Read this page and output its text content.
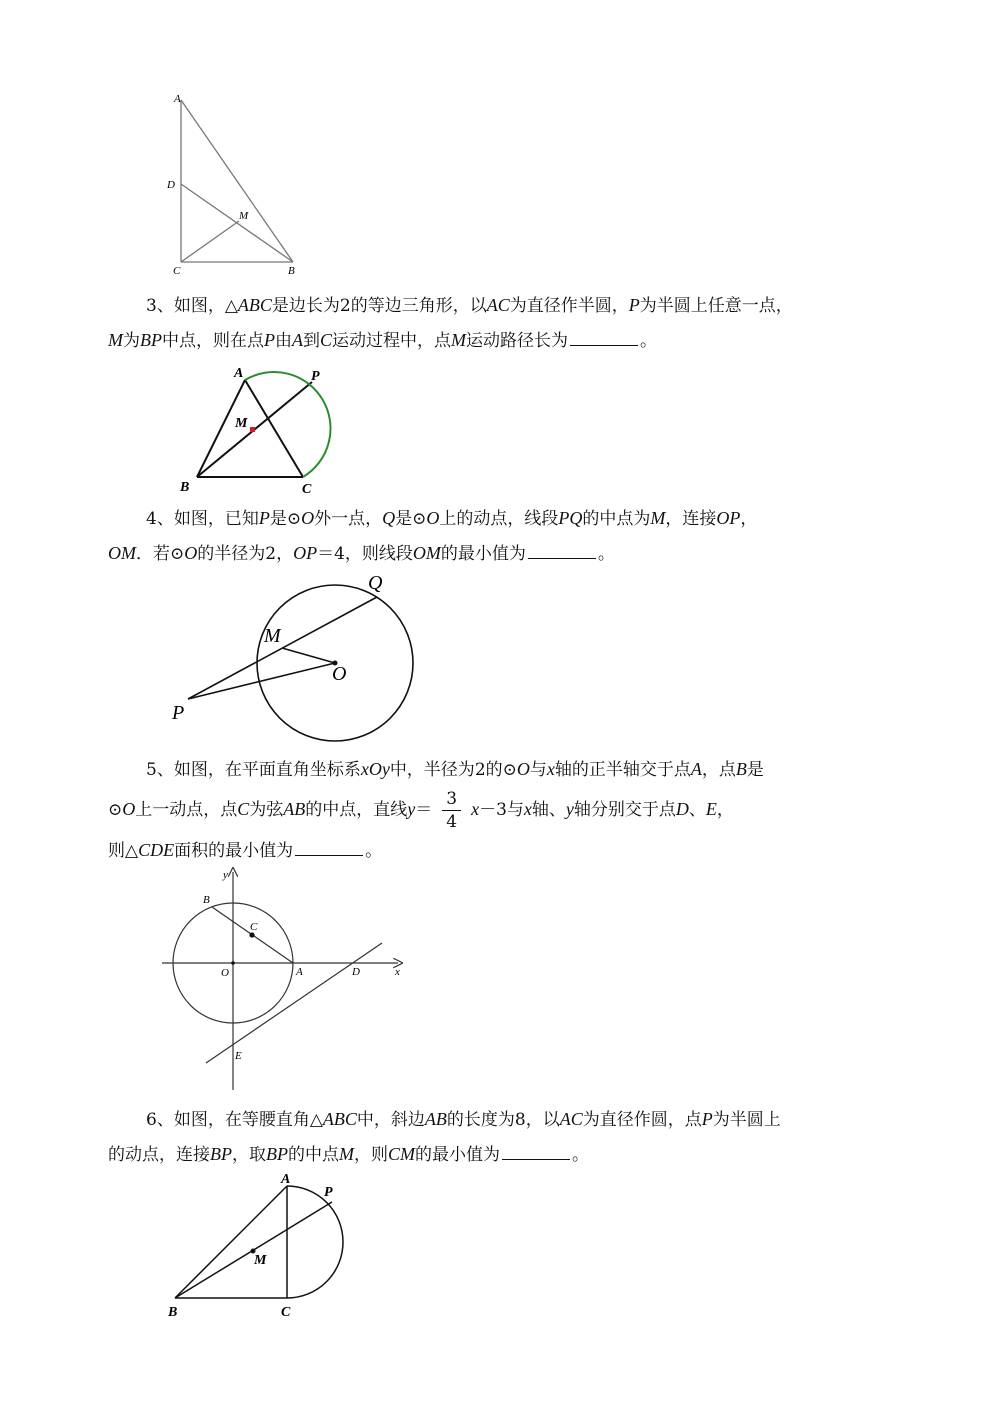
A
D
M
C	B

3、如图，△ABC是边长为2的等边三角形，以AC为直径作半圆，P为半圆上任意一点，
M为BP中点，则在点P由A到C运动过程中，点M运动路径长为	。

A	P
M
B	C

4、如图，已知P是⊙O外一点，Q是⊙O上的动点，线段PQ的中点为M，连接OP，
OM．若⊙O的半径为2，OP＝4，则线段OM的最小值为	。

Q
M
O
P

5、如图，在平面直角坐标系xOy中，半径为2的⊙O与x轴的正半轴交于点A，点B是

⊙O上一动点，点C为弦AB的中点，直线$y= \frac{3}{4} x-3$与x轴、y轴分别交于点D、E，

则△CDE面积的最小值为	。

y
x
B
C
O	A	D
E

6、如图，在等腰直角△ABC中，斜边AB的长度为8，以AC为直径作圆，点P为半圆上
的动点，连接BP，取BP的中点M，则CM的最小值为	。

A
P
M
B	C
